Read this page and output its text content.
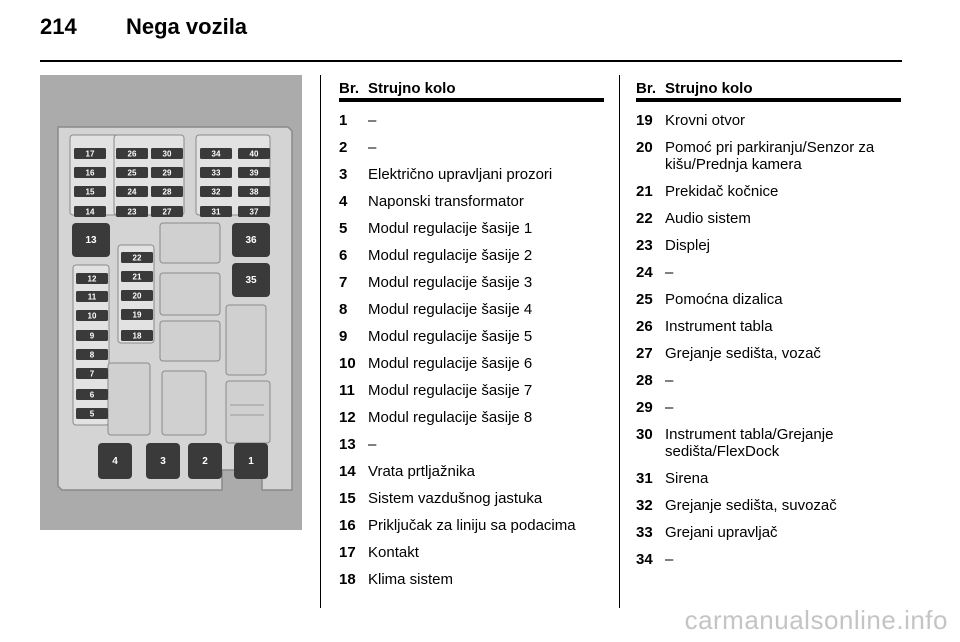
214 Nega vozila
17
16
15
14
26
25
24
23
30
29
28
27
34
33
32
31
40
39
38
37
13	36
35
12
11
10
9
8
7
6
5
22
21
20
19
18
4	3	2	1
Br. Strujno kolo
1	–
2	–
3	Električno upravljani prozori
4	Naponski transformator
5	Modul regulacije šasije 1
6	Modul regulacije šasije 2
7	Modul regulacije šasije 3
8	Modul regulacije šasije 4
9	Modul regulacije šasije 5
10 Modul regulacije šasije 6
11 Modul regulacije šasije 7
12 Modul regulacije šasije 8
13 –
14 Vrata prtljažnika
15 Sistem vazdušnog jastuka
16 Priključak za liniju sa podacima
17 Kontakt
18 Klima sistem
Br. Strujno kolo
19 Krovni otvor
20 Pomoć pri parkiranju/Senzor za kišu/Prednja kamera
21 Prekidač kočnice
22 Audio sistem
23 Displej
24 –
25 Pomoćna dizalica
26 Instrument tabla
27 Grejanje sedišta, vozač
28 –
29 –
30 Instrument tabla/Grejanje sedišta/FlexDock
31 Sirena
32 Grejanje sedišta, suvozač
33 Grejani upravljač
34 –
carmanualsonline.info
